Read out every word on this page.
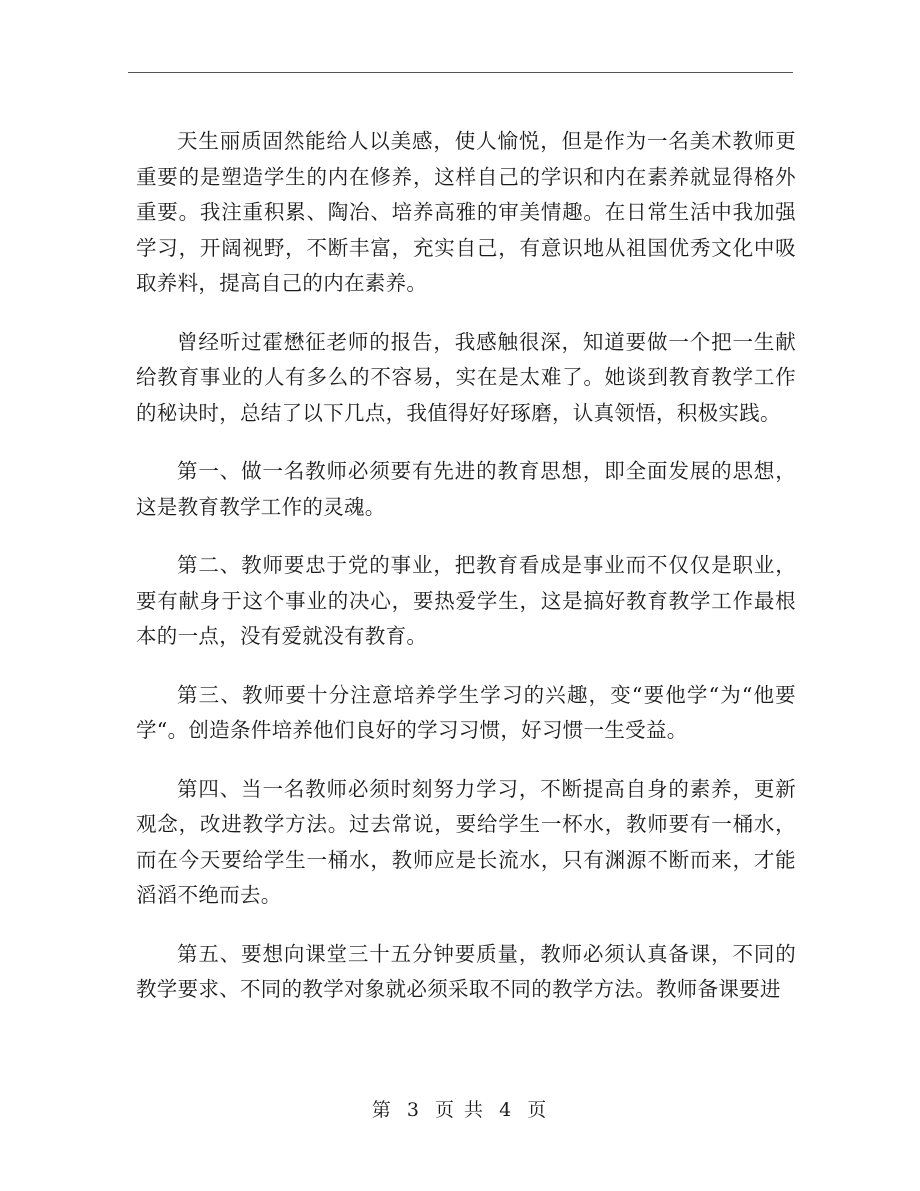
天生丽质固然能给人以美感，使人愉悦，但是作为一名美术教师更重要的是塑造学生的内在修养，这样自己的学识和内在素养就显得格外重要。我注重积累、陶冶、培养高雅的审美情趣。在日常生活中我加强学习，开阔视野，不断丰富，充实自己，有意识地从祖国优秀文化中吸取养料，提高自己的内在素养。

曾经听过霍懋征老师的报告，我感触很深，知道要做一个把一生献给教育事业的人有多么的不容易，实在是太难了。她谈到教育教学工作的秘诀时，总结了以下几点，我值得好好琢磨，认真领悟，积极实践。

第一、做一名教师必须要有先进的教育思想，即全面发展的思想，这是教育教学工作的灵魂。

第二、教师要忠于党的事业，把教育看成是事业而不仅仅是职业，要有献身于这个事业的决心，要热爱学生，这是搞好教育教学工作最根本的一点，没有爱就没有教育。

第三、教师要十分注意培养学生学习的兴趣，变“要他学“为“他要学“。创造条件培养他们良好的学习习惯，好习惯一生受益。

第四、当一名教师必须时刻努力学习，不断提高自身的素养，更新观念，改进教学方法。过去常说，要给学生一杯水，教师要有一桶水，而在今天要给学生一桶水，教师应是长流水，只有渊源不断而来，才能滔滔不绝而去。

第五、要想向课堂三十五分钟要质量，教师必须认真备课，不同的教学要求、不同的教学对象就必须采取不同的教学方法。教师备课要进

第 3 页 共 4 页
